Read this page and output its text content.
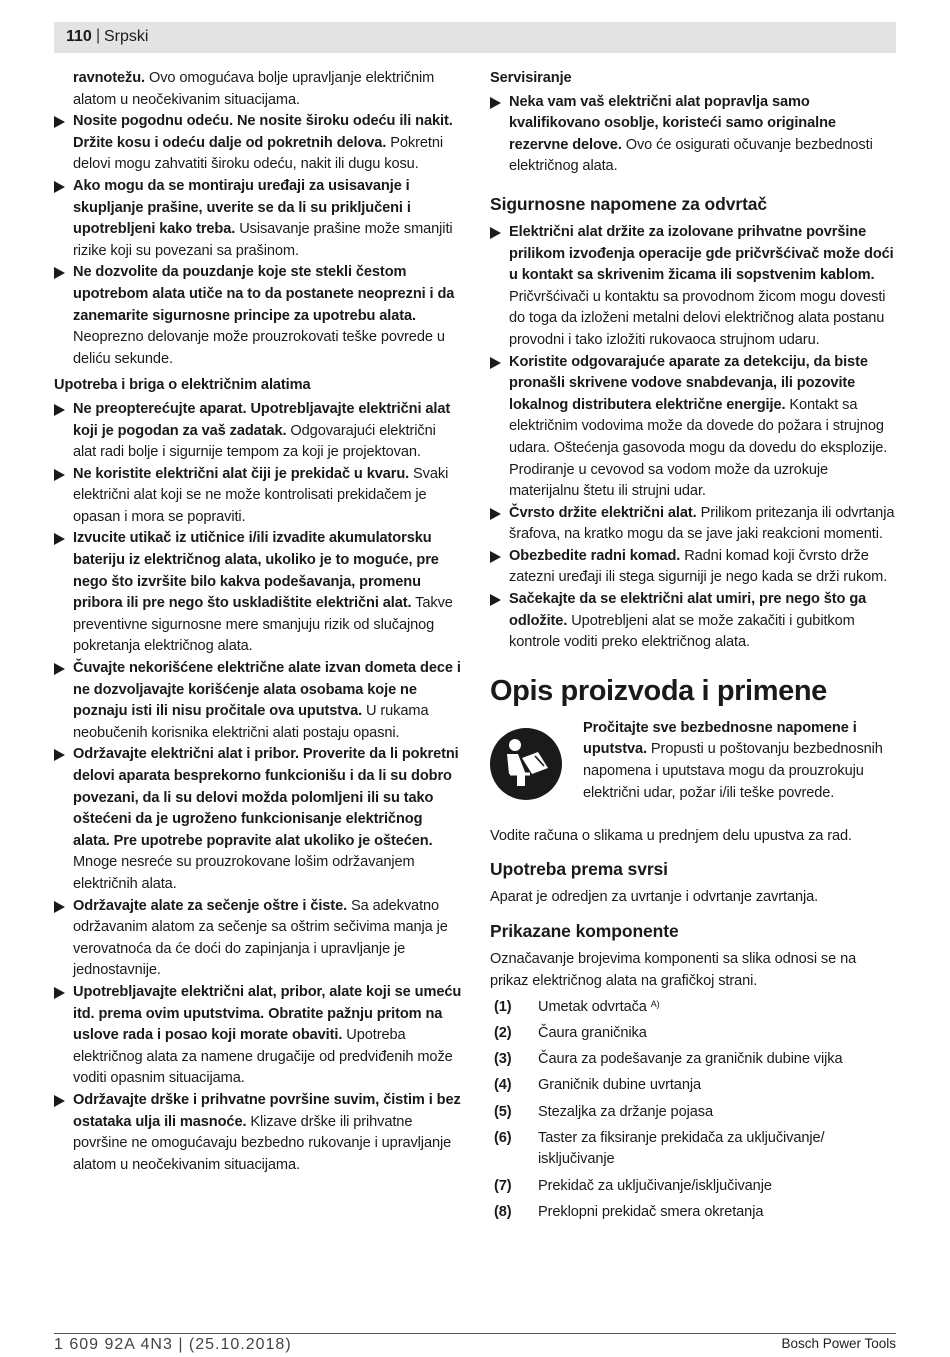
110 | Srpski

ravnotežu. Ovo omogućava bolje upravljanje električnim alatom u neočekivanim situacijama.

Nosite pogodnu odeću. Ne nosite široku odeću ili nakit. Držite kosu i odeću dalje od pokretnih delova. Pokretni delovi mogu zahvatiti široku odeću, nakit ili dugu kosu.
Ako mogu da se montiraju uređaji za usisavanje i skupljanje prašine, uverite se da li su priključeni i upotrebljeni kako treba. Usisavanje prašine može smanjiti rizike koji su povezani sa prašinom.
Ne dozvolite da pouzdanje koje ste stekli čestom upotrebom alata utiče na to da postanete neoprezni i da zanemarite sigurnosne principe za upotrebu alata. Neoprezno delovanje može prouzrokovati teške povrede u deliću sekunde.

Upotreba i briga o električnim alatima

Ne preopterećujte aparat. Upotrebljavajte električni alat koji je pogodan za vaš zadatak. Odgovarajući električni alat radi bolje i sigurnije tempom za koji je projektovan.
Ne koristite električni alat čiji je prekidač u kvaru. Svaki električni alat koji se ne može kontrolisati prekidačem je opasan i mora se popraviti.
Izvucite utikač iz utičnice i/ili izvadite akumulatorsku bateriju iz električnog alata, ukoliko je to moguće, pre nego što izvršite bilo kakva podešavanja, promenu pribora ili pre nego što uskladištite električni alat. Takve preventivne sigurnosne mere smanjuju rizik od slučajnog pokretanja električnog alata.
Čuvajte nekorišćene električne alate izvan dometa dece i ne dozvoljavajte korišćenje alata osobama koje ne poznaju isti ili nisu pročitale ova uputstva. U rukama neobučenih korisnika električni alati postaju opasni.
Održavajte električni alat i pribor. Proverite da li pokretni delovi aparata besprekorno funkcionišu i da li su dobro povezani, da li su delovi možda polomljeni ili su tako oštećeni da je ugroženo funkcionisanje električnog alata. Pre upotrebe popravite alat ukoliko je oštećen. Mnoge nesreće su prouzrokovane lošim održavanjem električnih alata.
Održavajte alate za sečenje oštre i čiste. Sa adekvatno održavanim alatom za sečenje sa oštrim sečivima manja je verovatnoća da će doći do zapinjanja i upravljanje je jednostavnije.
Upotrebljavajte električni alat, pribor, alate koji se umeću itd. prema ovim uputstvima. Obratite pažnju pritom na uslove rada i posao koji morate obaviti. Upotreba električnog alata za namene drugačije od predviđenih može voditi opasnim situacijama.
Održavajte drške i prihvatne površine suvim, čistim i bez ostataka ulja ili masnoće. Klizave drške ili prihvatne površine ne omogućavaju bezbedno rukovanje i upravljanje alatom u neočekivanim situacijama.

Servisiranje

Neka vam vaš električni alat popravlja samo kvalifikovano osoblje, koristeći samo originalne rezervne delove. Ovo će osigurati očuvanje bezbednosti električnog alata.

Sigurnosne napomene za odvrtač

Električni alat držite za izolovane prihvatne površine prilikom izvođenja operacije gde pričvršćivač može doći u kontakt sa skrivenim žicama ili sopstvenim kablom. Pričvršćivači u kontaktu sa provodnom žicom mogu dovesti do toga da izloženi metalni delovi električnog alata postanu provodni i tako izložiti rukovaoca strujnom udaru.
Koristite odgovarajuće aparate za detekciju, da biste pronašli skrivene vodove snabdevanja, ili pozovite lokalnog distributera električne energije. Kontakt sa električnim vodovima može da dovede do požara i strujnog udara. Oštećenja gasovoda mogu da dovedu do eksplozije. Prodiranje u cevovod sa vodom može da uzrokuje materijalnu štetu ili strujni udar.
Čvrsto držite električni alat. Prilikom pritezanja ili odvrtanja šrafova, na kratko mogu da se jave jaki reakcioni momenti.
Obezbedite radni komad. Radni komad koji čvrsto drže zatezni uređaji ili stega sigurniji je nego kada se drži rukom.
Sačekajte da se električni alat umiri, pre nego što ga odložite. Upotrebljeni alat se može zakačiti i gubitkom kontrole voditi preko električnog alata.

Opis proizvoda i primene

Pročitajte sve bezbednosne napomene i uputstva. Propusti u poštovanju bezbednosnih napomena i uputstava mogu da prouzrokuju električni udar, požar i/ili teške povrede.

Vodite računa o slikama u prednjem delu upustva za rad.

Upotreba prema svrsi

Aparat je odredjen za uvrtanje i odvrtanje zavrtanja.

Prikazane komponente

Označavanje brojevima komponenti sa slika odnosi se na prikaz električnog alata na grafičkoj strani.

(1)	Umetak odvrtača $^{A)}$
(2)	Čaura graničnika
(3)	Čaura za podešavanje za graničnik dubine vijka
(4)	Graničnik dubine uvrtanja
(5)	Stezaljka za držanje pojasa
(6)	Taster za fiksiranje prekidača za uključivanje/ isključivanje
(7)	Prekidač za uključivanje/isključivanje
(8)	Preklopni prekidač smera okretanja
1 609 92A 4N3 | (25.10.2018)	Bosch Power Tools
